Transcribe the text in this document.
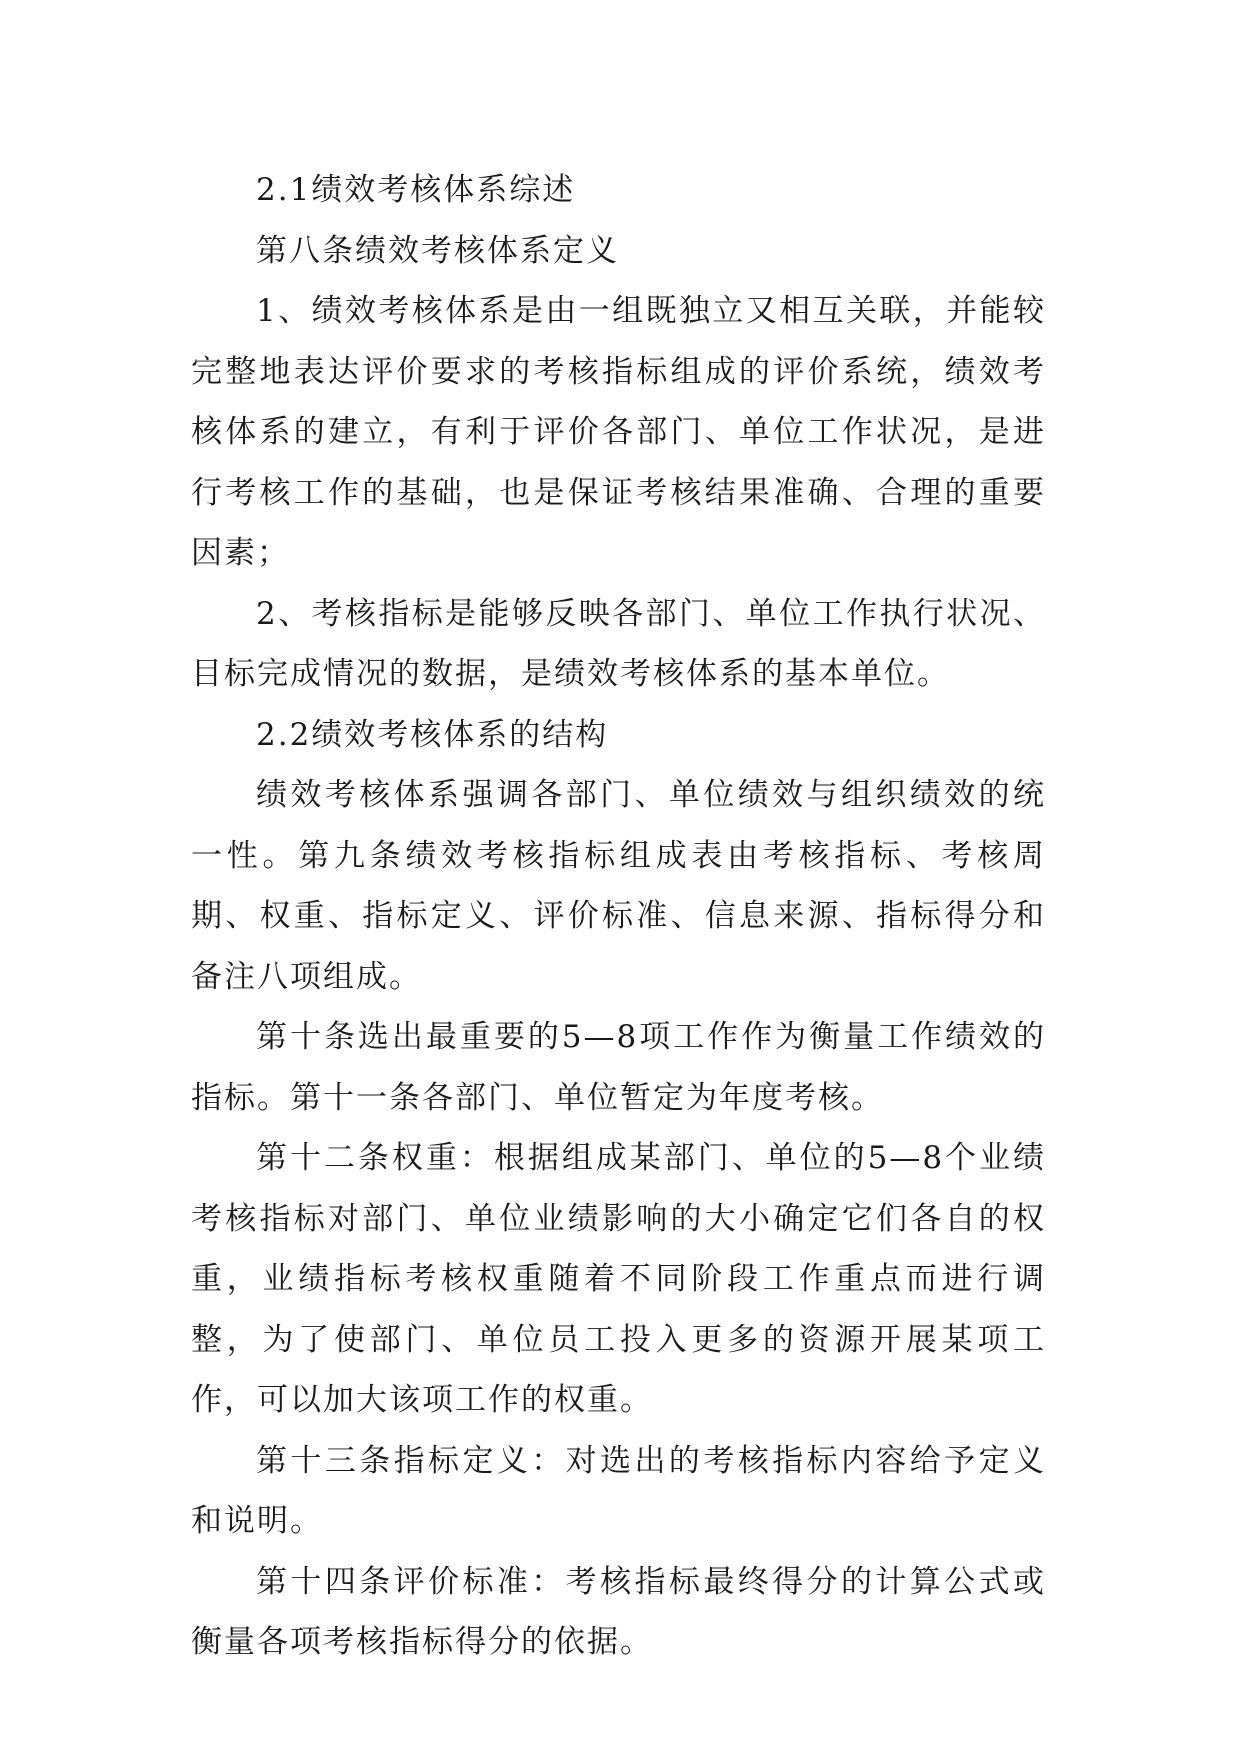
2.1绩效考核体系综述

第八条绩效考核体系定义

1、绩效考核体系是由一组既独立又相互关联，并能较完整地表达评价要求的考核指标组成的评价系统，绩效考核体系的建立，有利于评价各部门、单位工作状况，是进行考核工作的基础，也是保证考核结果准确、合理的重要因素；

2、考核指标是能够反映各部门、单位工作执行状况、目标完成情况的数据，是绩效考核体系的基本单位。

2.2绩效考核体系的结构

绩效考核体系强调各部门、单位绩效与组织绩效的统一性。第九条绩效考核指标组成表由考核指标、考核周期、权重、指标定义、评价标准、信息来源、指标得分和备注八项组成。

第十条选出最重要的5—8项工作作为衡量工作绩效的指标。第十一条各部门、单位暂定为年度考核。

第十二条权重：根据组成某部门、单位的5—8个业绩考核指标对部门、单位业绩影响的大小确定它们各自的权重，业绩指标考核权重随着不同阶段工作重点而进行调整，为了使部门、单位员工投入更多的资源开展某项工作，可以加大该项工作的权重。

第十三条指标定义：对选出的考核指标内容给予定义和说明。

第十四条评价标准：考核指标最终得分的计算公式或衡量各项考核指标得分的依据。
